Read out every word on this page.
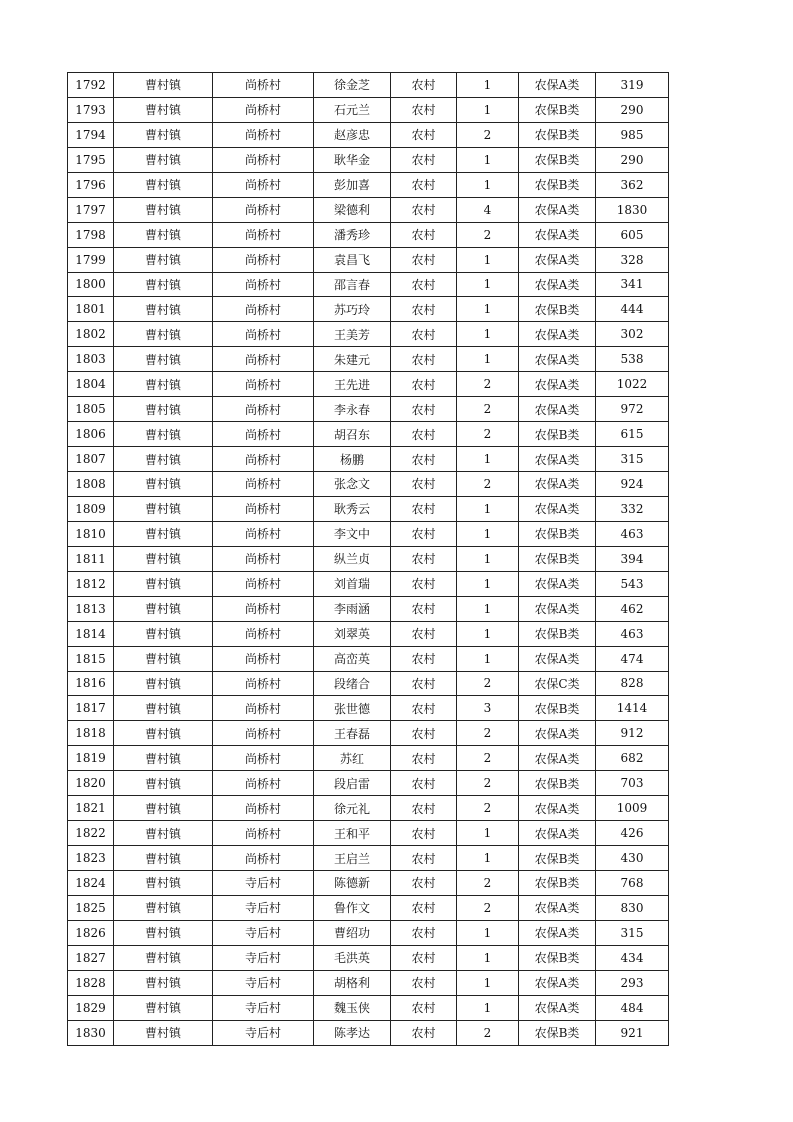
1792	曹村镇	尚桥村	徐金芝	农村	1	农保A类	319
1793	曹村镇	尚桥村	石元兰	农村	1	农保B类	290
1794	曹村镇	尚桥村	赵彦忠	农村	2	农保B类	985
1795	曹村镇	尚桥村	耿华金	农村	1	农保B类	290
1796	曹村镇	尚桥村	彭加喜	农村	1	农保B类	362
1797	曹村镇	尚桥村	梁德利	农村	4	农保A类	1830
1798	曹村镇	尚桥村	潘秀珍	农村	2	农保A类	605
1799	曹村镇	尚桥村	袁昌飞	农村	1	农保A类	328
1800	曹村镇	尚桥村	邵言春	农村	1	农保A类	341
1801	曹村镇	尚桥村	苏巧玲	农村	1	农保B类	444
1802	曹村镇	尚桥村	王美芳	农村	1	农保A类	302
1803	曹村镇	尚桥村	朱建元	农村	1	农保A类	538
1804	曹村镇	尚桥村	王先进	农村	2	农保A类	1022
1805	曹村镇	尚桥村	李永春	农村	2	农保A类	972
1806	曹村镇	尚桥村	胡召东	农村	2	农保B类	615
1807	曹村镇	尚桥村	杨鹏	农村	1	农保A类	315
1808	曹村镇	尚桥村	张念文	农村	2	农保A类	924
1809	曹村镇	尚桥村	耿秀云	农村	1	农保A类	332
1810	曹村镇	尚桥村	李文中	农村	1	农保B类	463
1811	曹村镇	尚桥村	纵兰贞	农村	1	农保B类	394
1812	曹村镇	尚桥村	刘首瑞	农村	1	农保A类	543
1813	曹村镇	尚桥村	李雨涵	农村	1	农保A类	462
1814	曹村镇	尚桥村	刘翠英	农村	1	农保B类	463
1815	曹村镇	尚桥村	高峦英	农村	1	农保A类	474
1816	曹村镇	尚桥村	段绪合	农村	2	农保C类	828
1817	曹村镇	尚桥村	张世德	农村	3	农保B类	1414
1818	曹村镇	尚桥村	王春磊	农村	2	农保A类	912
1819	曹村镇	尚桥村	苏红	农村	2	农保A类	682
1820	曹村镇	尚桥村	段启雷	农村	2	农保B类	703
1821	曹村镇	尚桥村	徐元礼	农村	2	农保A类	1009
1822	曹村镇	尚桥村	王和平	农村	1	农保A类	426
1823	曹村镇	尚桥村	王启兰	农村	1	农保B类	430
1824	曹村镇	寺后村	陈德新	农村	2	农保B类	768
1825	曹村镇	寺后村	鲁作文	农村	2	农保A类	830
1826	曹村镇	寺后村	曹绍功	农村	1	农保A类	315
1827	曹村镇	寺后村	毛洪英	农村	1	农保B类	434
1828	曹村镇	寺后村	胡格利	农村	1	农保A类	293
1829	曹村镇	寺后村	魏玉侠	农村	1	农保A类	484
1830	曹村镇	寺后村	陈孝达	农村	2	农保B类	921
